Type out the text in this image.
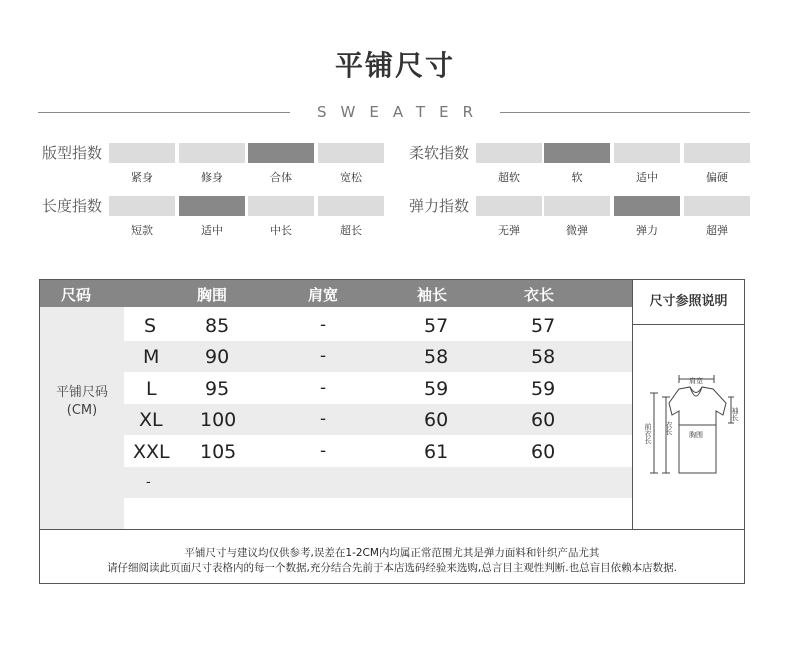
平铺尺寸
SWEATER
版型指数
紧身	修身	合体	宽松
柔软指数
超软	软	适中	偏硬
长度指数
短款	适中	中长	超长
弹力指数
无弹	微弹	弹力	超弹
尺码	胸围	肩宽	袖长	衣长
平铺尺码
(CM)
S	85	-	57	57
M 90	-	58	58
L	95	-	59	59
XL 100	-	60	60
XXL 105	-	61	60
-
尺寸参照说明
肩宽
胸围
袖长
衣长
前衣长
平铺尺寸与建议均仅供参考,误差在1-2CM内均属正常范围尤其是弹力面料和针织产品尤其
请仔细阅读此页面尺寸表格内的每一个数据,充分结合先前于本店选码经验来选购,总言目主观性判断.也总盲目依赖本店数据.
